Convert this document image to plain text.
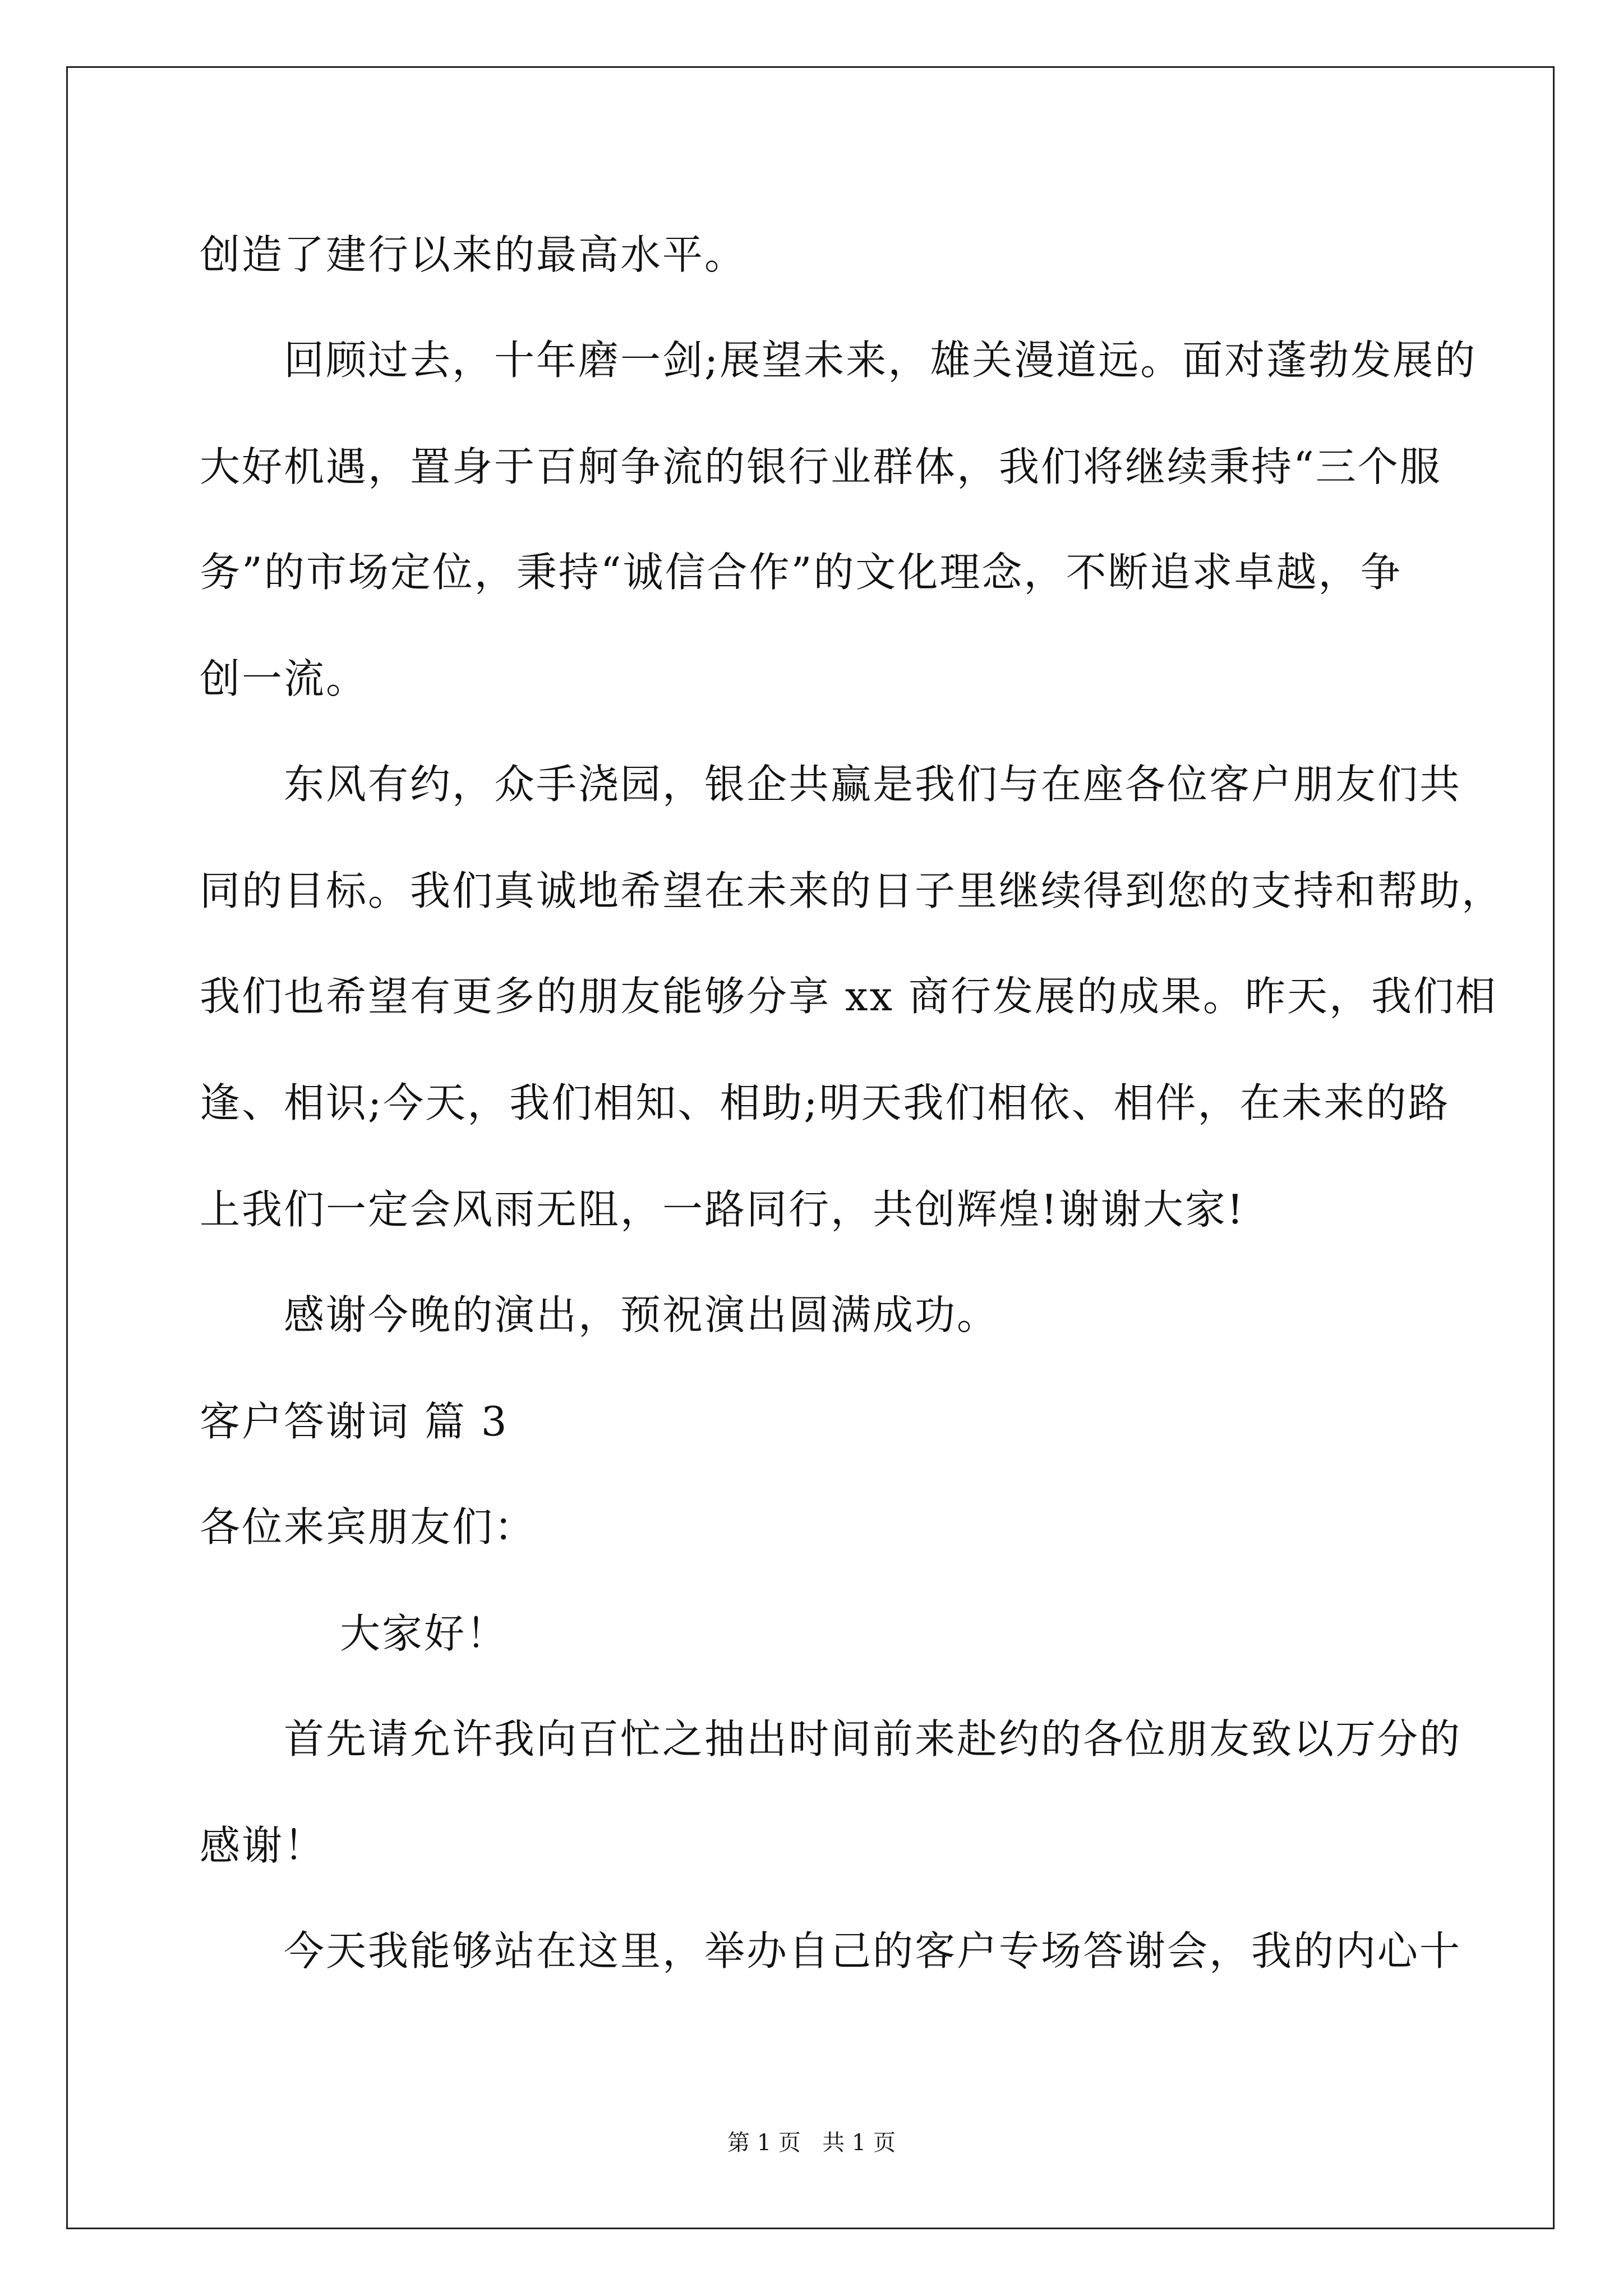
创造了建行以来的最高水平。
回顾过去，十年磨一剑;展望未来，雄关漫道远。面对蓬勃发展的
大好机遇，置身于百舸争流的银行业群体，我们将继续秉持“三个服
务”的市场定位，秉持“诚信合作”的文化理念，不断追求卓越，争
创一流。
东风有约，众手浇园，银企共赢是我们与在座各位客户朋友们共
同的目标。我们真诚地希望在未来的日子里继续得到您的支持和帮助，
我们也希望有更多的朋友能够分享 xx 商行发展的成果。昨天，我们相
逢、相识;今天，我们相知、相助;明天我们相依、相伴，在未来的路
上我们一定会风雨无阻，一路同行，共创辉煌!谢谢大家!
感谢今晚的演出，预祝演出圆满成功。
客户答谢词 篇 3
各位来宾朋友们：
大家好！
首先请允许我向百忙之抽出时间前来赴约的各位朋友致以万分的
感谢！
今天我能够站在这里，举办自己的客户专场答谢会，我的内心十
第 1 页   共 1 页
